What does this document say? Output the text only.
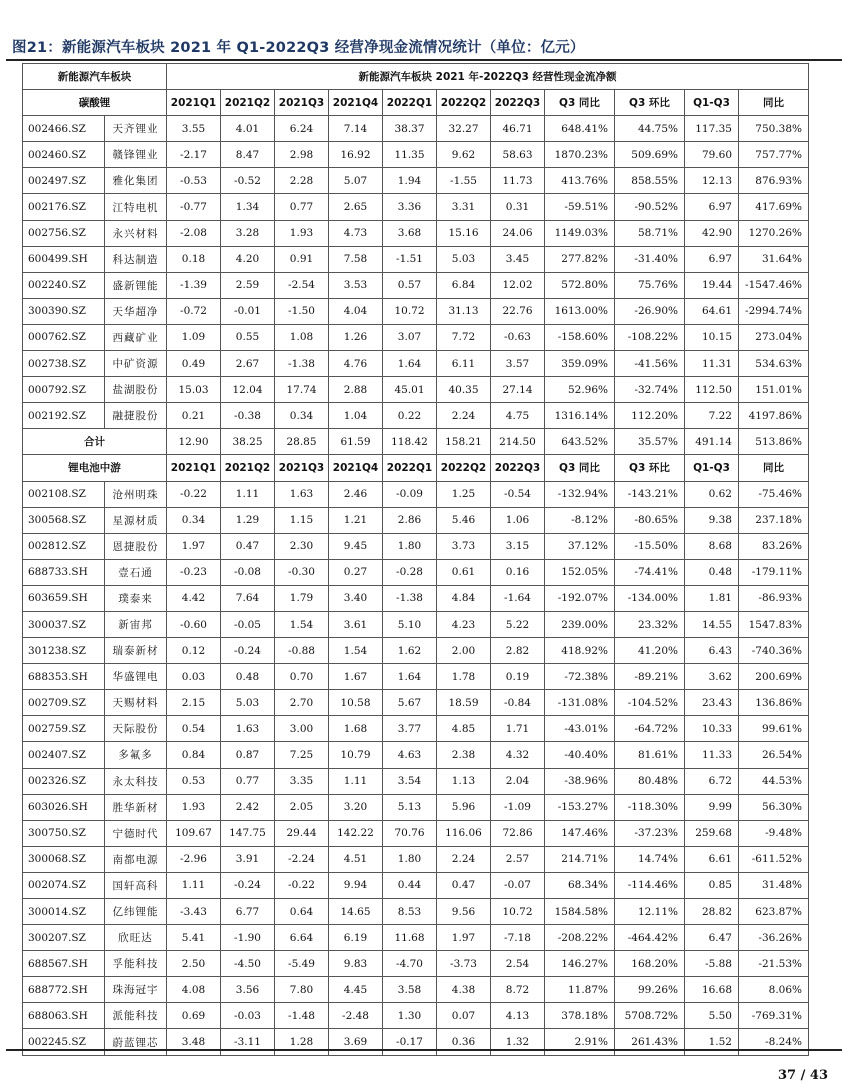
图21：新能源汽车板块 2021 年 Q1-2022Q3 经营净现金流情况统计（单位：亿元）
新能源汽车板块		新能源汽车板块 2021 年-2022Q3 经营性现金流净额										
碳酸锂		2021Q1	2021Q2	2021Q3	2021Q4	2022Q1	2022Q2	2022Q3	Q3 同比	Q3 环比	Q1-Q3	同比
002466.SZ	天齐锂业	3.55	4.01	6.24	7.14	38.37	32.27	46.71	648.41%	44.75%	117.35	750.38%
002460.SZ	赣锋锂业	-2.17	8.47	2.98	16.92	11.35	9.62	58.63	1870.23%	509.69%	79.60	757.77%
002497.SZ	雅化集团	-0.53	-0.52	2.28	5.07	1.94	-1.55	11.73	413.76%	858.55%	12.13	876.93%
002176.SZ	江特电机	-0.77	1.34	0.77	2.65	3.36	3.31	0.31	-59.51%	-90.52%	6.97	417.69%
002756.SZ	永兴材料	-2.08	3.28	1.93	4.73	3.68	15.16	24.06	1149.03%	58.71%	42.90	1270.26%
600499.SH	科达制造	0.18	4.20	0.91	7.58	-1.51	5.03	3.45	277.82%	-31.40%	6.97	31.64%
002240.SZ	盛新锂能	-1.39	2.59	-2.54	3.53	0.57	6.84	12.02	572.80%	75.76%	19.44	-1547.46%
300390.SZ	天华超净	-0.72	-0.01	-1.50	4.04	10.72	31.13	22.76	1613.00%	-26.90%	64.61	-2994.74%
000762.SZ	西藏矿业	1.09	0.55	1.08	1.26	3.07	7.72	-0.63	-158.60%	-108.22%	10.15	273.04%
002738.SZ	中矿资源	0.49	2.67	-1.38	4.76	1.64	6.11	3.57	359.09%	-41.56%	11.31	534.63%
000792.SZ	盐湖股份	15.03	12.04	17.74	2.88	45.01	40.35	27.14	52.96%	-32.74%	112.50	151.01%
002192.SZ	融捷股份	0.21	-0.38	0.34	1.04	0.22	2.24	4.75	1316.14%	112.20%	7.22	4197.86%
合计		12.90	38.25	28.85	61.59	118.42	158.21	214.50	643.52%	35.57%	491.14	513.86%
锂电池中游		2021Q1	2021Q2	2021Q3	2021Q4	2022Q1	2022Q2	2022Q3	Q3 同比	Q3 环比	Q1-Q3	同比
002108.SZ	沧州明珠	-0.22	1.11	1.63	2.46	-0.09	1.25	-0.54	-132.94%	-143.21%	0.62	-75.46%
300568.SZ	星源材质	0.34	1.29	1.15	1.21	2.86	5.46	1.06	-8.12%	-80.65%	9.38	237.18%
002812.SZ	恩捷股份	1.97	0.47	2.30	9.45	1.80	3.73	3.15	37.12%	-15.50%	8.68	83.26%
688733.SH	壹石通	-0.23	-0.08	-0.30	0.27	-0.28	0.61	0.16	152.05%	-74.41%	0.48	-179.11%
603659.SH	璞泰来	4.42	7.64	1.79	3.40	-1.38	4.84	-1.64	-192.07%	-134.00%	1.81	-86.93%
300037.SZ	新宙邦	-0.60	-0.05	1.54	3.61	5.10	4.23	5.22	239.00%	23.32%	14.55	1547.83%
301238.SZ	瑞泰新材	0.12	-0.24	-0.88	1.54	1.62	2.00	2.82	418.92%	41.20%	6.43	-740.36%
688353.SH	华盛锂电	0.03	0.48	0.70	1.67	1.64	1.78	0.19	-72.38%	-89.21%	3.62	200.69%
002709.SZ	天赐材料	2.15	5.03	2.70	10.58	5.67	18.59	-0.84	-131.08%	-104.52%	23.43	136.86%
002759.SZ	天际股份	0.54	1.63	3.00	1.68	3.77	4.85	1.71	-43.01%	-64.72%	10.33	99.61%
002407.SZ	多氟多	0.84	0.87	7.25	10.79	4.63	2.38	4.32	-40.40%	81.61%	11.33	26.54%
002326.SZ	永太科技	0.53	0.77	3.35	1.11	3.54	1.13	2.04	-38.96%	80.48%	6.72	44.53%
603026.SH	胜华新材	1.93	2.42	2.05	3.20	5.13	5.96	-1.09	-153.27%	-118.30%	9.99	56.30%
300750.SZ	宁德时代	109.67	147.75	29.44	142.22	70.76	116.06	72.86	147.46%	-37.23%	259.68	-9.48%
300068.SZ	南都电源	-2.96	3.91	-2.24	4.51	1.80	2.24	2.57	214.71%	14.74%	6.61	-611.52%
002074.SZ	国轩高科	1.11	-0.24	-0.22	9.94	0.44	0.47	-0.07	68.34%	-114.46%	0.85	31.48%
300014.SZ	亿纬锂能	-3.43	6.77	0.64	14.65	8.53	9.56	10.72	1584.58%	12.11%	28.82	623.87%
300207.SZ	欣旺达	5.41	-1.90	6.64	6.19	11.68	1.97	-7.18	-208.22%	-464.42%	6.47	-36.26%
688567.SH	孚能科技	2.50	-4.50	-5.49	9.83	-4.70	-3.73	2.54	146.27%	168.20%	-5.88	-21.53%
688772.SH	珠海冠宇	4.08	3.56	7.80	4.45	3.58	4.38	8.72	11.87%	99.26%	16.68	8.06%
688063.SH	派能科技	0.69	-0.03	-1.48	-2.48	1.30	0.07	4.13	378.18%	5708.72%	5.50	-769.31%
002245.SZ	蔚蓝锂芯	3.48	-3.11	1.28	3.69	-0.17	0.36	1.32	2.91%	261.43%	1.52	-8.24%
37 / 43
